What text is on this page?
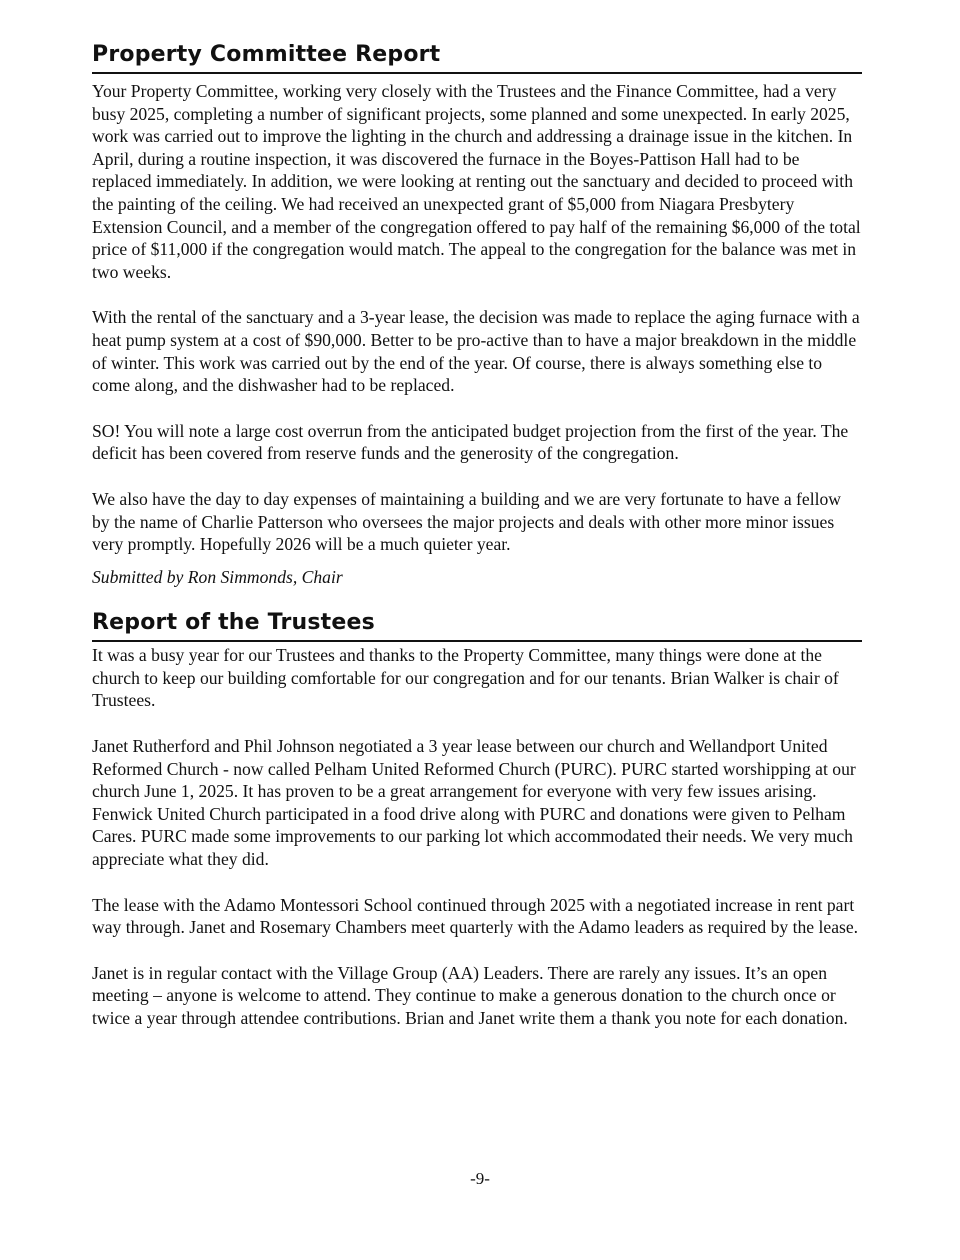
Property Committee Report

Your Property Committee, working very closely with the Trustees and the Finance Committee, had a very busy 2025, completing a number of significant projects, some planned and some unexpected. In early 2025, work was carried out to improve the lighting in the church and addressing a drainage issue in the kitchen. In April, during a routine inspection, it was discovered the furnace in the Boyes-Pattison Hall had to be replaced immediately. In addition, we were looking at renting out the sanctuary and decided to proceed with the painting of the ceiling. We had received an unexpected grant of $5,000 from Niagara Presbytery Extension Council, and a member of the congregation offered to pay half of the remaining $6,000 of the total price of $11,000 if the congregation would match. The appeal to the congregation for the balance was met in two weeks.

With the rental of the sanctuary and a 3-year lease, the decision was made to replace the aging furnace with a heat pump system at a cost of $90,000. Better to be pro-active than to have a major breakdown in the middle of winter. This work was carried out by the end of the year. Of course, there is always something else to come along, and the dishwasher had to be replaced.

SO! You will note a large cost overrun from the anticipated budget projection from the first of the year. The deficit has been covered from reserve funds and the generosity of the congregation.

We also have the day to day expenses of maintaining a building and we are very fortunate to have a fellow by the name of Charlie Patterson who oversees the major projects and deals with other more minor issues very promptly. Hopefully 2026 will be a much quieter year.

Submitted by Ron Simmonds, Chair

Report of the Trustees

It was a busy year for our Trustees and thanks to the Property Committee, many things were done at the church to keep our building comfortable for our congregation and for our tenants. Brian Walker is chair of Trustees.

Janet Rutherford and Phil Johnson negotiated a 3 year lease between our church and Wellandport United Reformed Church - now called Pelham United Reformed Church (PURC). PURC started worshipping at our church June 1, 2025. It has proven to be a great arrangement for everyone with very few issues arising. Fenwick United Church participated in a food drive along with PURC and donations were given to Pelham Cares. PURC made some improvements to our parking lot which accommodated their needs. We very much appreciate what they did.

The lease with the Adamo Montessori School continued through 2025 with a negotiated increase in rent part way through. Janet and Rosemary Chambers meet quarterly with the Adamo leaders as required by the lease.

Janet is in regular contact with the Village Group (AA) Leaders. There are rarely any issues. It’s an open meeting – anyone is welcome to attend. They continue to make a generous donation to the church once or twice a year through attendee contributions. Brian and Janet write them a thank you note for each donation.

-9-
